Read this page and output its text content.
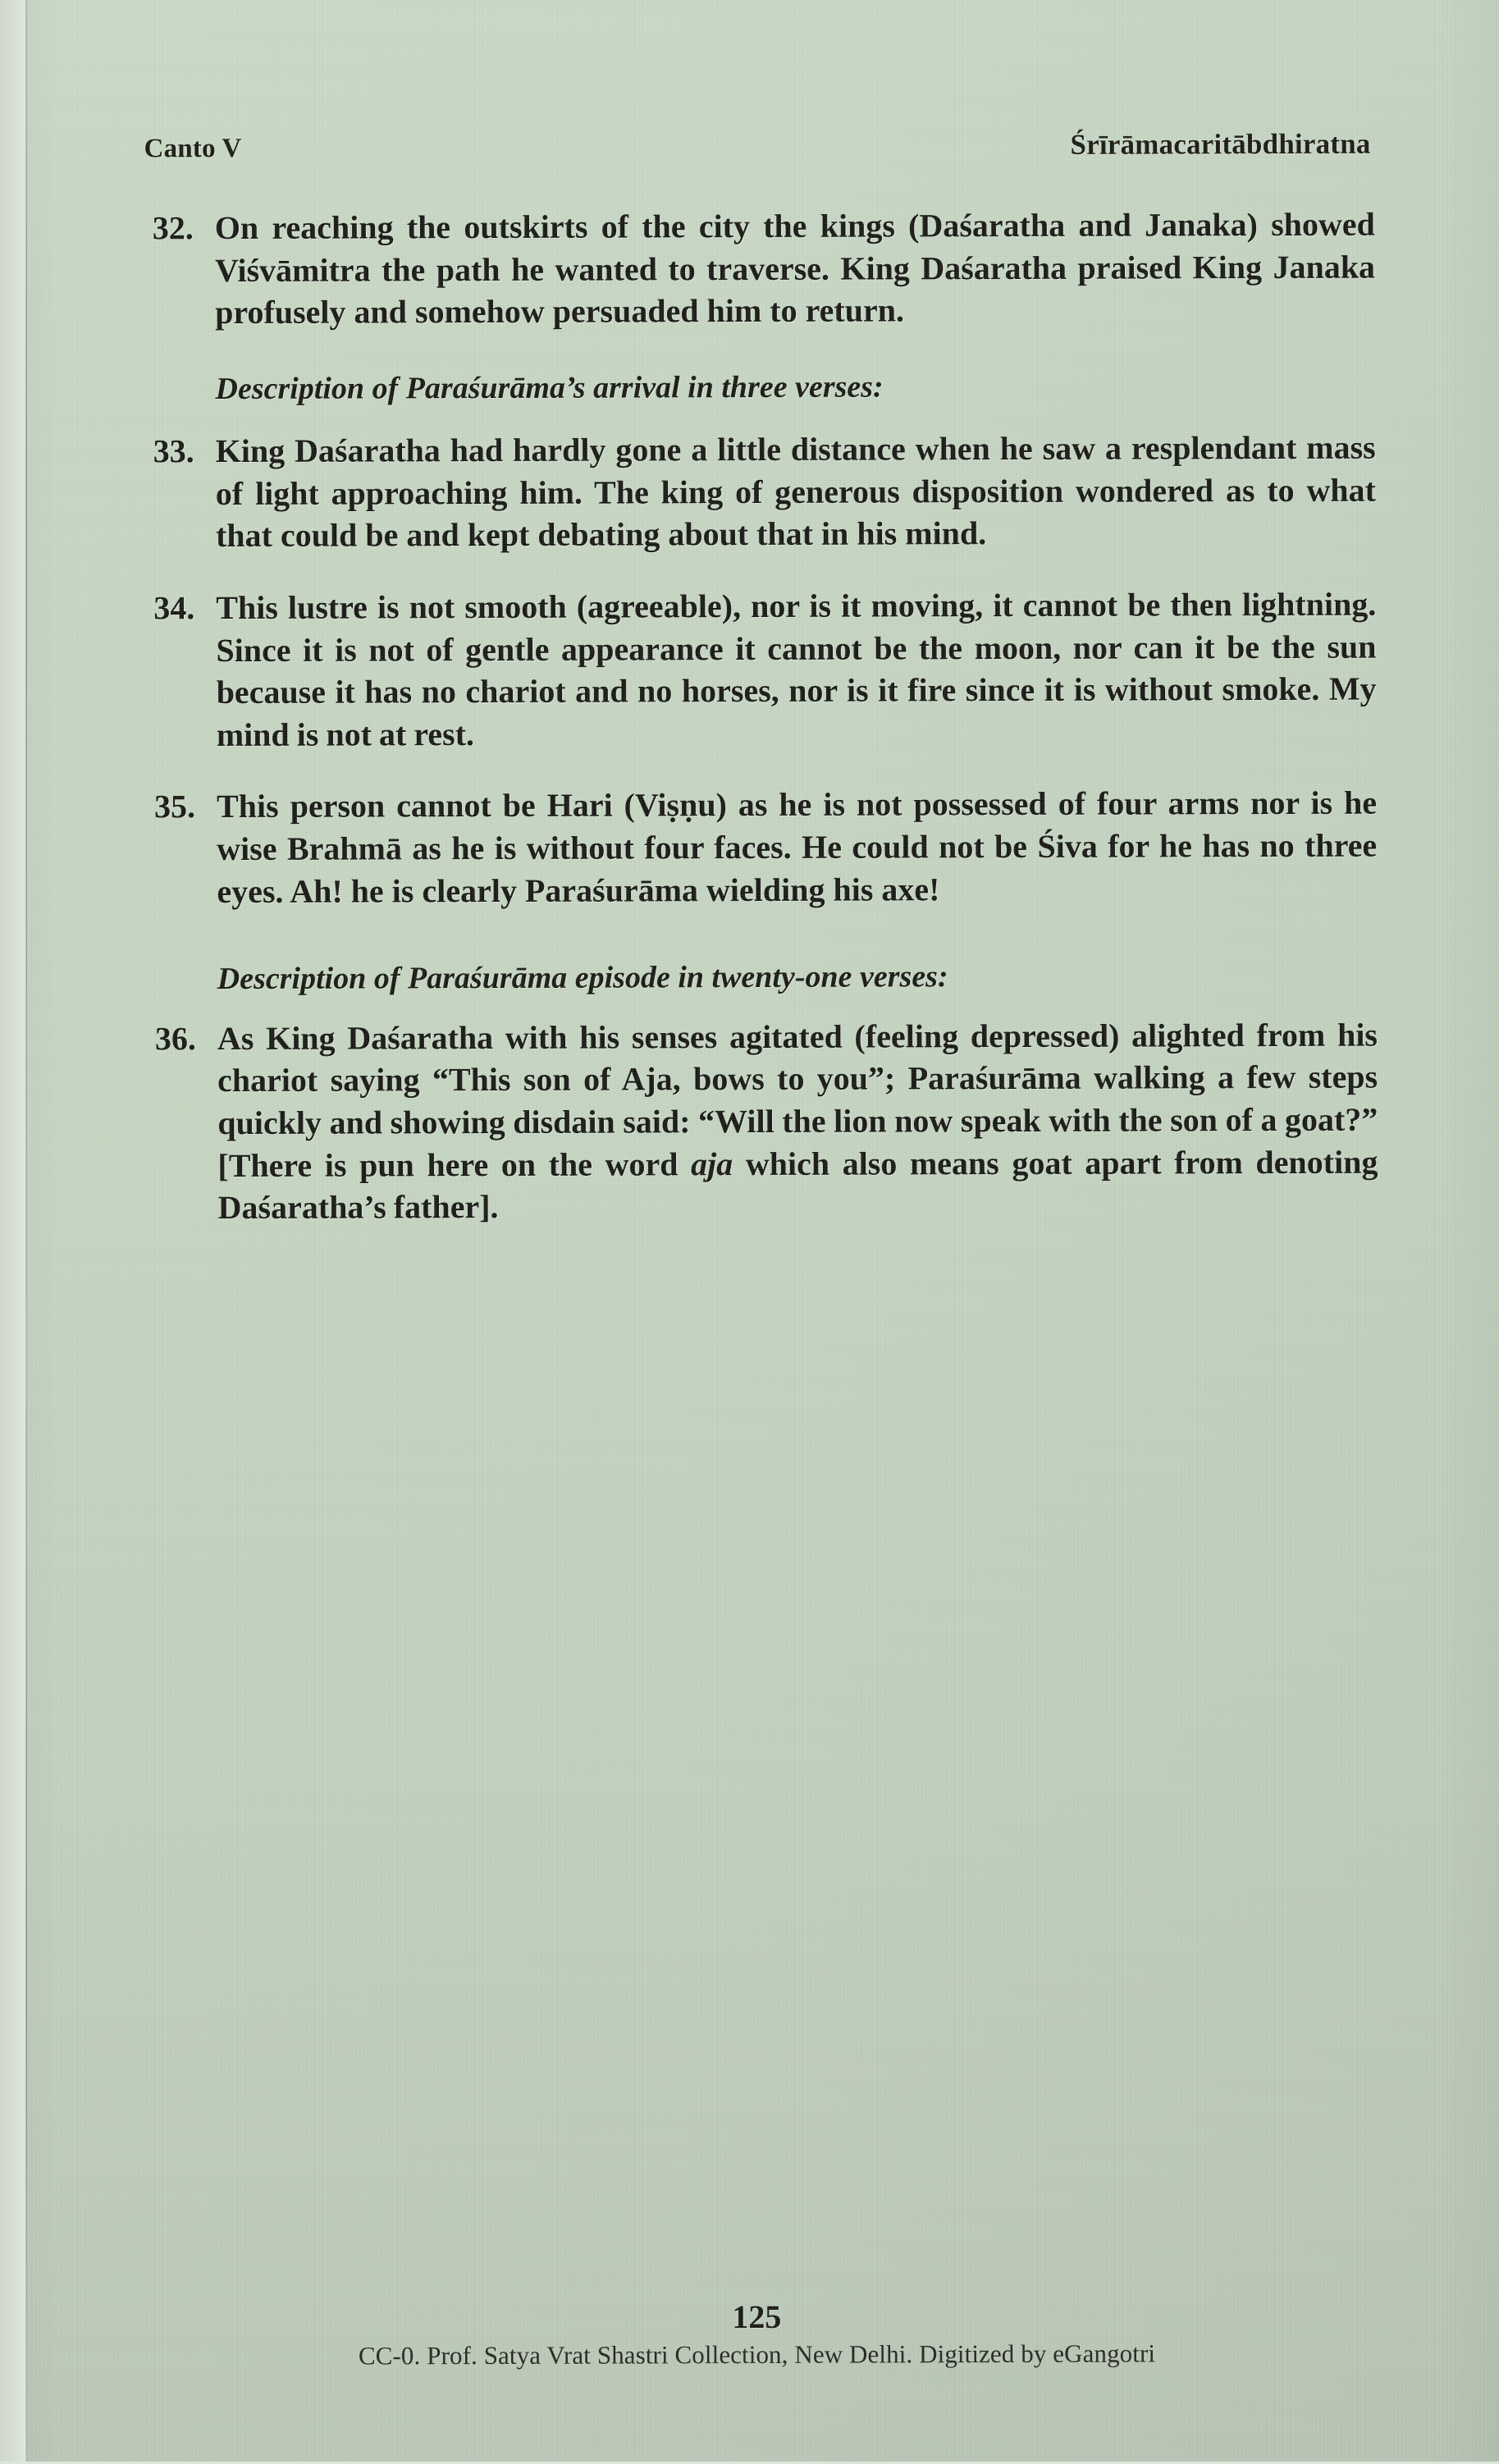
Canto V	Śrīrāmacaritābdhiratna
32. On reaching the outskirts of the city the kings (Daśaratha and Janaka) showed Viśvāmitra the path he wanted to traverse. King Daśaratha praised King Janaka profusely and somehow persuaded him to return.
Description of Paraśurāma’s arrival in three verses:
33. King Daśaratha had hardly gone a little distance when he saw a resplendant mass of light approaching him. The king of generous disposition wondered as to what that could be and kept debating about that in his mind.
34. This lustre is not smooth (agreeable), nor is it moving, it cannot be then lightning. Since it is not of gentle appearance it cannot be the moon, nor can it be the sun because it has no chariot and no horses, nor is it fire since it is without smoke. My mind is not at rest.
35. This person cannot be Hari (Viṣṇu) as he is not possessed of four arms nor is he wise Brahmā as he is without four faces. He could not be Śiva for he has no three eyes. Ah! he is clearly Paraśurāma wielding his axe!
Description of Paraśurāma episode in twenty-one verses:
36. As King Daśaratha with his senses agitated (feeling depressed) alighted from his chariot saying “This son of Aja, bows to you”; Paraśurāma walking a few steps quickly and showing disdain said: “Will the lion now speak with the son of a goat?” [There is pun here on the word aja which also means goat apart from denoting Daśaratha’s father].
125
CC-0. Prof. Satya Vrat Shastri Collection, New Delhi. Digitized by eGangotri
